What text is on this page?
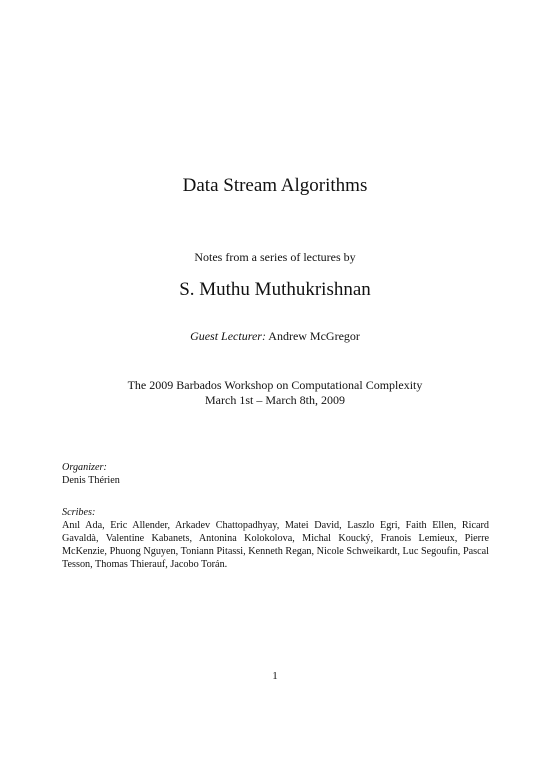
Data Stream Algorithms
Notes from a series of lectures by
S. Muthu Muthukrishnan
Guest Lecturer: Andrew McGregor
The 2009 Barbados Workshop on Computational Complexity
March 1st – March 8th, 2009
Organizer:
Denis Thérien
Scribes:
Anıl Ada, Eric Allender, Arkadev Chattopadhyay, Matei David, Laszlo Egri, Faith Ellen, Ricard Gavaldà, Valentine Kabanets, Antonina Kolokolova, Michal Koucký, Franois Lemieux, Pierre McKenzie, Phuong Nguyen, Toniann Pitassi, Kenneth Regan, Nicole Schweikardt, Luc Segoufin, Pascal Tesson, Thomas Thierauf, Jacobo Torán.
1
